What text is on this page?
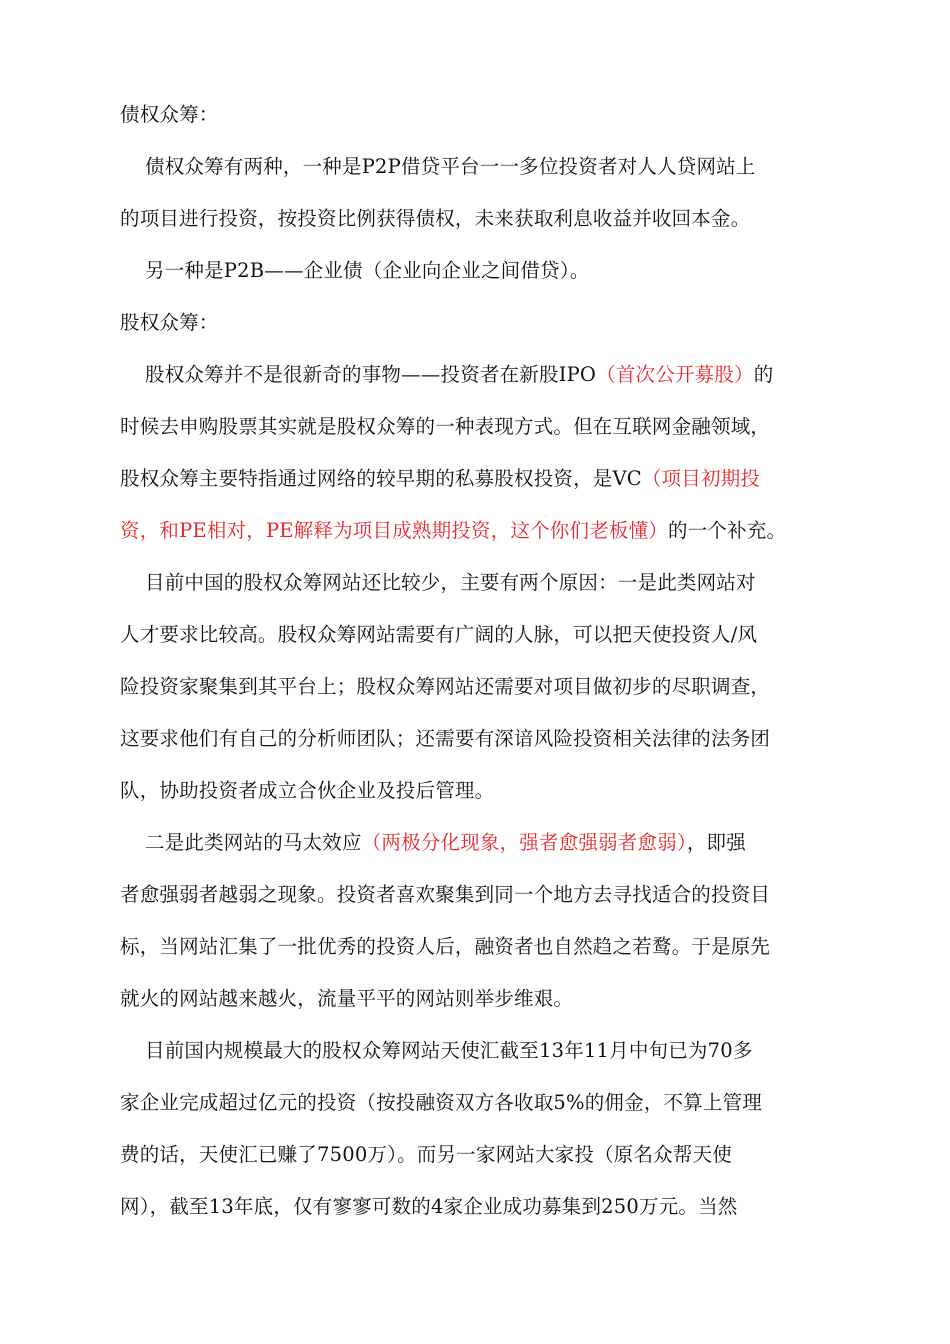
债权众筹：
债权众筹有两种，一种是P2P借贷平台一一多位投资者对人人贷网站上
的项目进行投资，按投资比例获得债权，未来获取利息收益并收回本金。
另一种是P2B——企业债（企业向企业之间借贷）。
股权众筹：
股权众筹并不是很新奇的事物——投资者在新股IPO（首次公开募股）的
时候去申购股票其实就是股权众筹的一种表现方式。但在互联网金融领域，
股权众筹主要特指通过网络的较早期的私募股权投资，是VC（项目初期投
资，和PE相对，PE解释为项目成熟期投资，这个你们老板懂）的一个补充。
目前中国的股权众筹网站还比较少，主要有两个原因：一是此类网站对
人才要求比较高。股权众筹网站需要有广阔的人脉，可以把天使投资人/风
险投资家聚集到其平台上；股权众筹网站还需要对项目做初步的尽职调查，
这要求他们有自己的分析师团队；还需要有深谙风险投资相关法律的法务团
队，协助投资者成立合伙企业及投后管理。
二是此类网站的马太效应（两极分化现象，强者愈强弱者愈弱），即强
者愈强弱者越弱之现象。投资者喜欢聚集到同一个地方去寻找适合的投资目
标，当网站汇集了一批优秀的投资人后，融资者也自然趋之若鹜。于是原先
就火的网站越来越火，流量平平的网站则举步维艰。
目前国内规模最大的股权众筹网站天使汇截至13年11月中旬已为70多
家企业完成超过亿元的投资（按投融资双方各收取5%的佣金，不算上管理
费的话，天使汇已赚了7500万）。而另一家网站大家投（原名众帮天使
网），截至13年底，仅有寥寥可数的4家企业成功募集到250万元。当然
